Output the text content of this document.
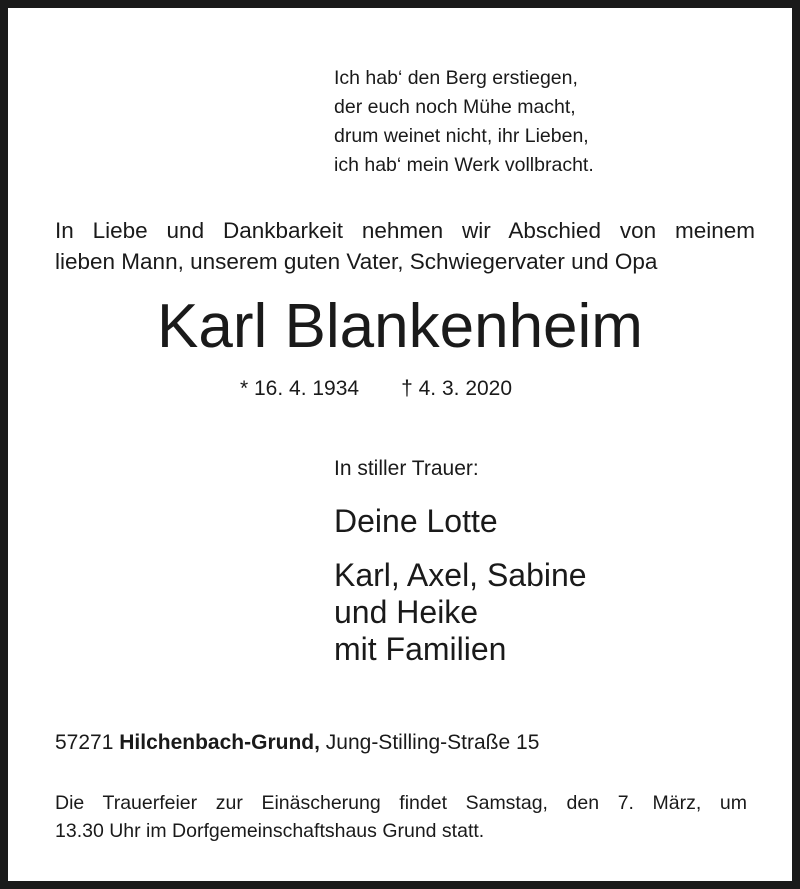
Ich hab‘ den Berg erstiegen,
der euch noch Mühe macht,
drum weinet nicht, ihr Lieben,
ich hab‘ mein Werk vollbracht.

In Liebe und Dankbarkeit nehmen wir Abschied von meinem
lieben Mann, unserem guten Vater, Schwiegervater und Opa

Karl Blankenheim
* 16. 4. 1934 † 4. 3. 2020
In stiller Trauer:
Deine Lotte
Karl, Axel, Sabine
und Heike
mit Familien
57271 Hilchenbach-Grund, Jung-Stilling-Straße 15

Die Trauerfeier zur Einäscherung findet Samstag, den 7. März, um
13.30 Uhr im Dorfgemeinschaftshaus Grund statt.
